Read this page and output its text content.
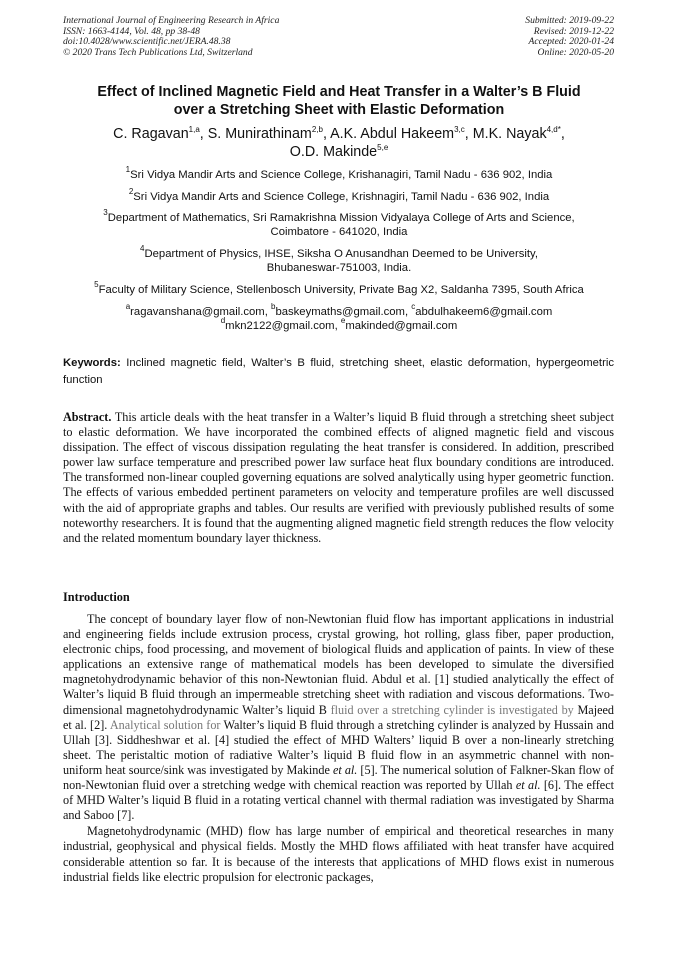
International Journal of Engineering Research in Africa
ISSN: 1663-4144, Vol. 48, pp 38-48
doi:10.4028/www.scientific.net/JERA.48.38
© 2020 Trans Tech Publications Ltd, Switzerland
Submitted: 2019-09-22
Revised: 2019-12-22
Accepted: 2020-01-24
Online: 2020-05-20
Effect of Inclined Magnetic Field and Heat Transfer in a Walter’s B Fluid
over a Stretching Sheet with Elastic Deformation
C. Ragavan$^{1,a}$, S. Munirathinam$^{2,b}$, A.K. Abdul Hakeem$^{3,c}$, M.K. Nayak$^{4,d*}$,
O.D. Makinde$^{5,e}$
$^1$Sri Vidya Mandir Arts and Science College, Krishanagiri, Tamil Nadu - 636 902, India
$^2$Sri Vidya Mandir Arts and Science College, Krishnagiri, Tamil Nadu - 636 902, India
$^3$Department of Mathematics, Sri Ramakrishna Mission Vidyalaya College of Arts and Science,
Coimbatore - 641020, India
$^4$Department of Physics, IHSE, Siksha O Anusandhan Deemed to be University,
Bhubaneswar-751003, India.
$^5$Faculty of Military Science, Stellenbosch University, Private Bag X2, Saldanha 7395, South Africa
$^a$ragavanshana@gmail.com, $^b$baskeymaths@gmail.com, $^c$abdulhakeem6@gmail.com
$^d$mkn2122@gmail.com, $^e$makinded@gmail.com
Keywords: Inclined magnetic field, Walter’s B fluid, stretching sheet, elastic deformation, hypergeometric function

Abstract. This article deals with the heat transfer in a Walter’s liquid B fluid through a stretching sheet subject to elastic deformation. We have incorporated the combined effects of aligned magnetic field and viscous dissipation. The effect of viscous dissipation regulating the heat transfer is considered. In addition, prescribed power law surface temperature and prescribed power law surface heat flux boundary conditions are introduced. The transformed non-linear coupled governing equations are solved analytically using hyper geometric function. The effects of various embedded pertinent parameters on velocity and temperature profiles are well discussed with the aid of appropriate graphs and tables. Our results are verified with previously published results of some noteworthy researchers. It is found that the augmenting aligned magnetic field strength reduces the flow velocity and the related momentum boundary layer thickness.

Introduction

The concept of boundary layer flow of non-Newtonian fluid flow has important applications in industrial and engineering fields include extrusion process, crystal growing, hot rolling, glass fiber, paper production, electronic chips, food processing, and movement of biological fluids and application of paints. In view of these applications an extensive range of mathematical models has been developed to simulate the diversified magnetohydrodynamic behavior of this non-Newtonian fluid. Abdul et al. [1] studied analytically the effect of Walter’s liquid B fluid through an impermeable stretching sheet with radiation and viscous deformations. Two-dimensional magnetohydrodynamic Walter’s liquid B fluid over a stretching cylinder is investigated by Majeed et al. [2]. Analytical solution for Walter’s liquid B fluid through a stretching cylinder is analyzed by Hussain and Ullah [3]. Siddheshwar et al. [4] studied the effect of MHD Walters’ liquid B over a non-linearly stretching sheet. The peristaltic motion of radiative Walter’s liquid B fluid flow in an asymmetric channel with non-uniform heat source/sink was investigated by Makinde et al. [5]. The numerical solution of Falkner-Skan flow of non-Newtonian fluid over a stretching wedge with chemical reaction was reported by Ullah et al. [6]. The effect of MHD Walter’s liquid B fluid in a rotating vertical channel with thermal radiation was investigated by Sharma and Saboo [7].

Magnetohydrodynamic (MHD) flow has large number of empirical and theoretical researches in many industrial, geophysical and physical fields. Mostly the MHD flows affiliated with heat transfer have acquired considerable attention so far. It is because of the interests that applications of MHD flows exist in numerous industrial fields like electric propulsion for electronic packages,
